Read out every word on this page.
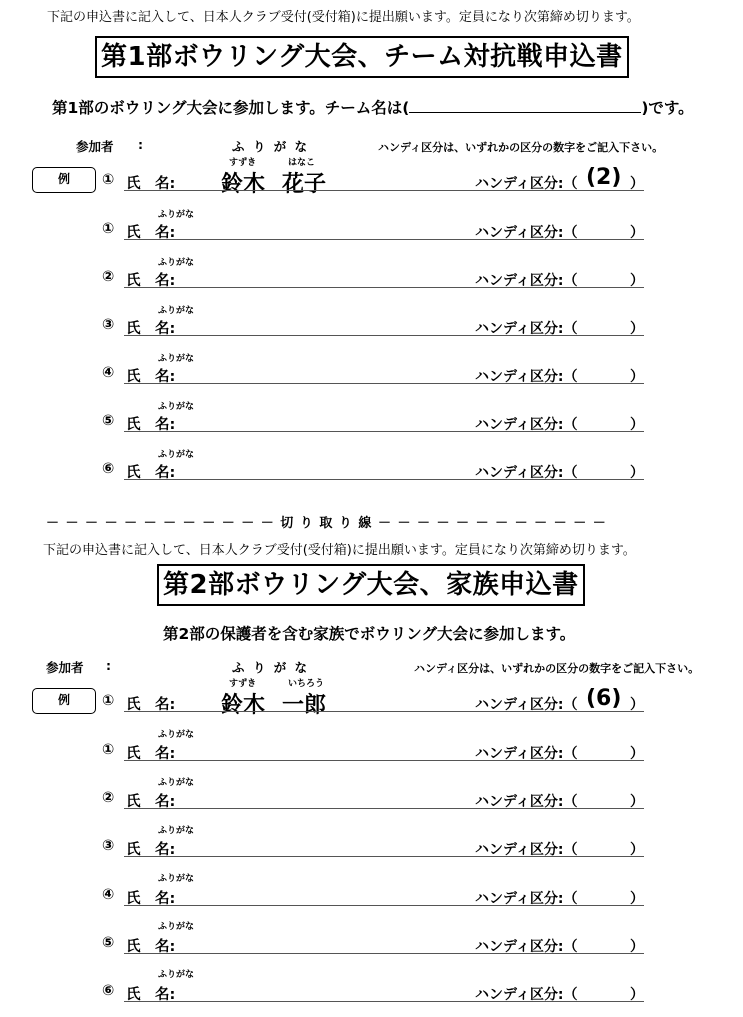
下記の申込書に記入して、日本人クラブ受付(受付箱)に提出願います。定員になり次第締め切ります。
第1部ボウリング大会、チーム対抗戦申込書
第1部のボウリング大会に参加します。チーム名は(	)です。
参加者 :	ふ り が な	ハンディ区分は、いずれかの区分の数字をご記入下さい。
例
すずき	はなこ
① 氏　名: 鈴木 花子	ハンディ区分:（ (2) ）
ふりがな
① 氏　名:	ハンディ区分:（	）
ふりがな
② 氏　名:	ハンディ区分:（	）
ふりがな
③ 氏　名:	ハンディ区分:（	）
ふりがな
④ 氏　名:	ハンディ区分:（	）
ふりがな
⑤ 氏　名:	ハンディ区分:（	）
ふりがな
⑥ 氏　名:	ハンディ区分:（	）
－ － － － － － － － － － － － 切 り 取 り 線 － － － － － － － － － － － －
下記の申込書に記入して、日本人クラブ受付(受付箱)に提出願います。定員になり次第締め切ります。
第2部ボウリング大会、家族申込書
第2部の保護者を含む家族でボウリング大会に参加します。
参加者 :	ふ り が な	ハンディ区分は、いずれかの区分の数字をご記入下さい。
例
すずき	いちろう
① 氏　名: 鈴木 一郎	ハンディ区分:（ (6) ）
ふりがな
① 氏　名:	ハンディ区分:（	）
ふりがな
② 氏　名:	ハンディ区分:（	）
ふりがな
③ 氏　名:	ハンディ区分:（	）
ふりがな
④ 氏　名:	ハンディ区分:（	）
ふりがな
⑤ 氏　名:	ハンディ区分:（	）
ふりがな
⑥ 氏　名:	ハンディ区分:（	）
